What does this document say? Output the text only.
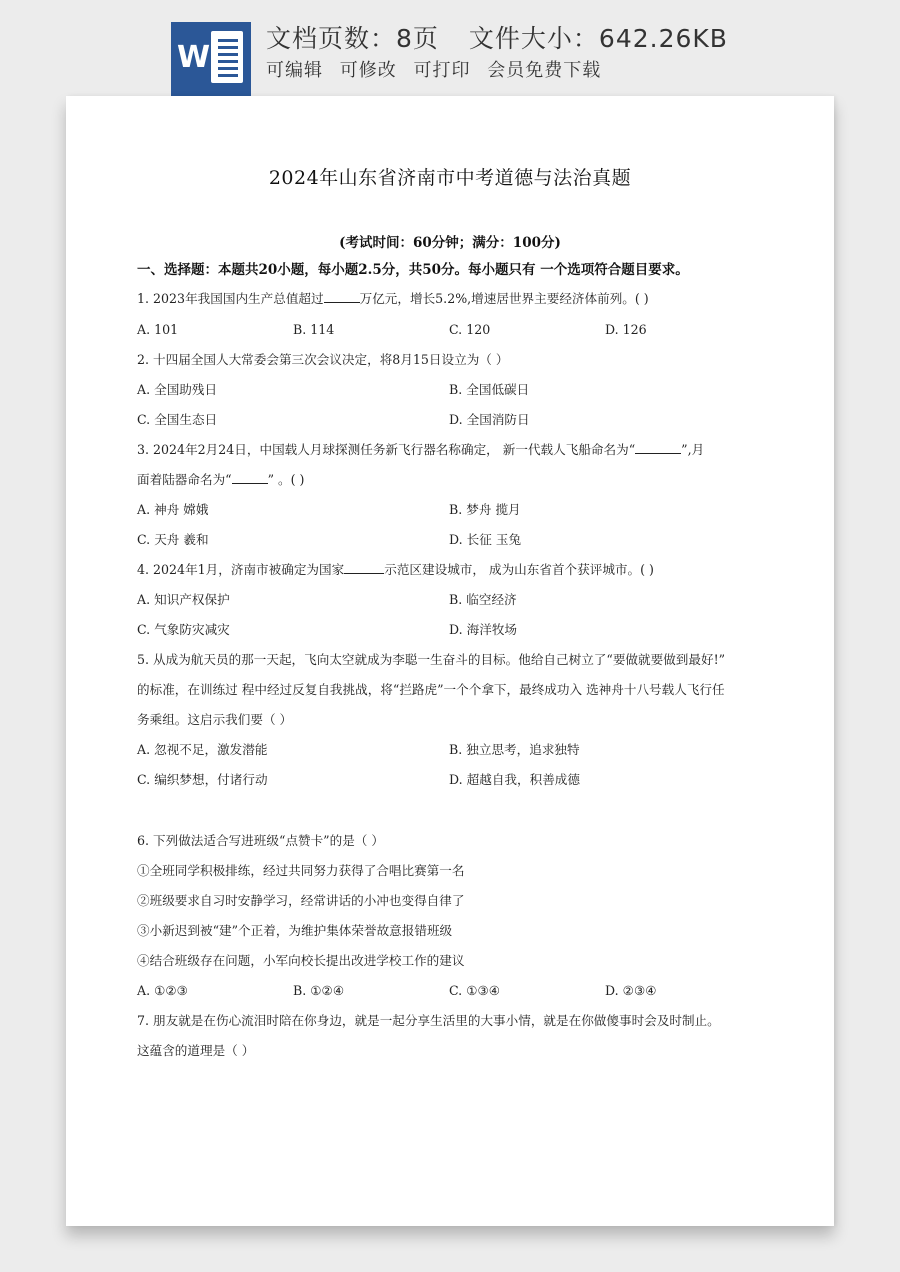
W
文档页数：8页 文件大小：642.26KB
可编辑 可修改 可打印 会员免费下载
2024年山东省济南市中考道德与法治真题
(考试时间：60分钟；满分：100分)
一、选择题：本题共20小题，每小题2.5分，共50分。每小题只有 一个选项符合题目要求。
1. 2023年我国国内生产总值超过	万亿元，增长5.2%,增速居世界主要经济体前列。( )
A. 101	B. 114	C. 120	D. 126
2. 十四届全国人大常委会第三次会议决定，将8月15日设立为（ ）
A. 全国助残日	B. 全国低碳日
C. 全国生态日	D. 全国消防日
3. 2024年2月24日，中国载人月球探测任务新飞行器名称确定， 新一代载人飞船命名为“	”,月
面着陆器命名为“	” 。( )
A. 神舟 嫦娥	B. 梦舟 揽月
C. 天舟 羲和	D. 长征 玉兔
4. 2024年1月，济南市被确定为国家	示范区建设城市， 成为山东省首个获评城市。( )
A. 知识产权保护	B. 临空经济
C. 气象防灾减灾	D. 海洋牧场
5. 从成为航天员的那一天起，飞向太空就成为李聪一生奋斗的目标。他给自己树立了“要做就要做到最好!”
的标准，在训练过 程中经过反复自我挑战，将“拦路虎”一个个拿下，最终成功入 选神舟十八号载人飞行任
务乘组。这启示我们要（ ）
A. 忽视不足，激发潜能	B. 独立思考，追求独特
C. 编织梦想，付诸行动	D. 超越自我，积善成德
6. 下列做法适合写进班级“点赞卡”的是（ ）
①全班同学积极排练，经过共同努力获得了合唱比赛第一名
②班级要求自习时安静学习，经常讲话的小冲也变得自律了
③小新迟到被“建”个正着，为维护集体荣誉故意报错班级
④结合班级存在问题，小军向校长提出改进学校工作的建议
A. ①②③	B. ①②④	C. ①③④	D. ②③④
7. 朋友就是在伤心流泪时陪在你身边，就是一起分享生活里的大事小情，就是在你做傻事时会及时制止。
这蕴含的道理是（ ）
